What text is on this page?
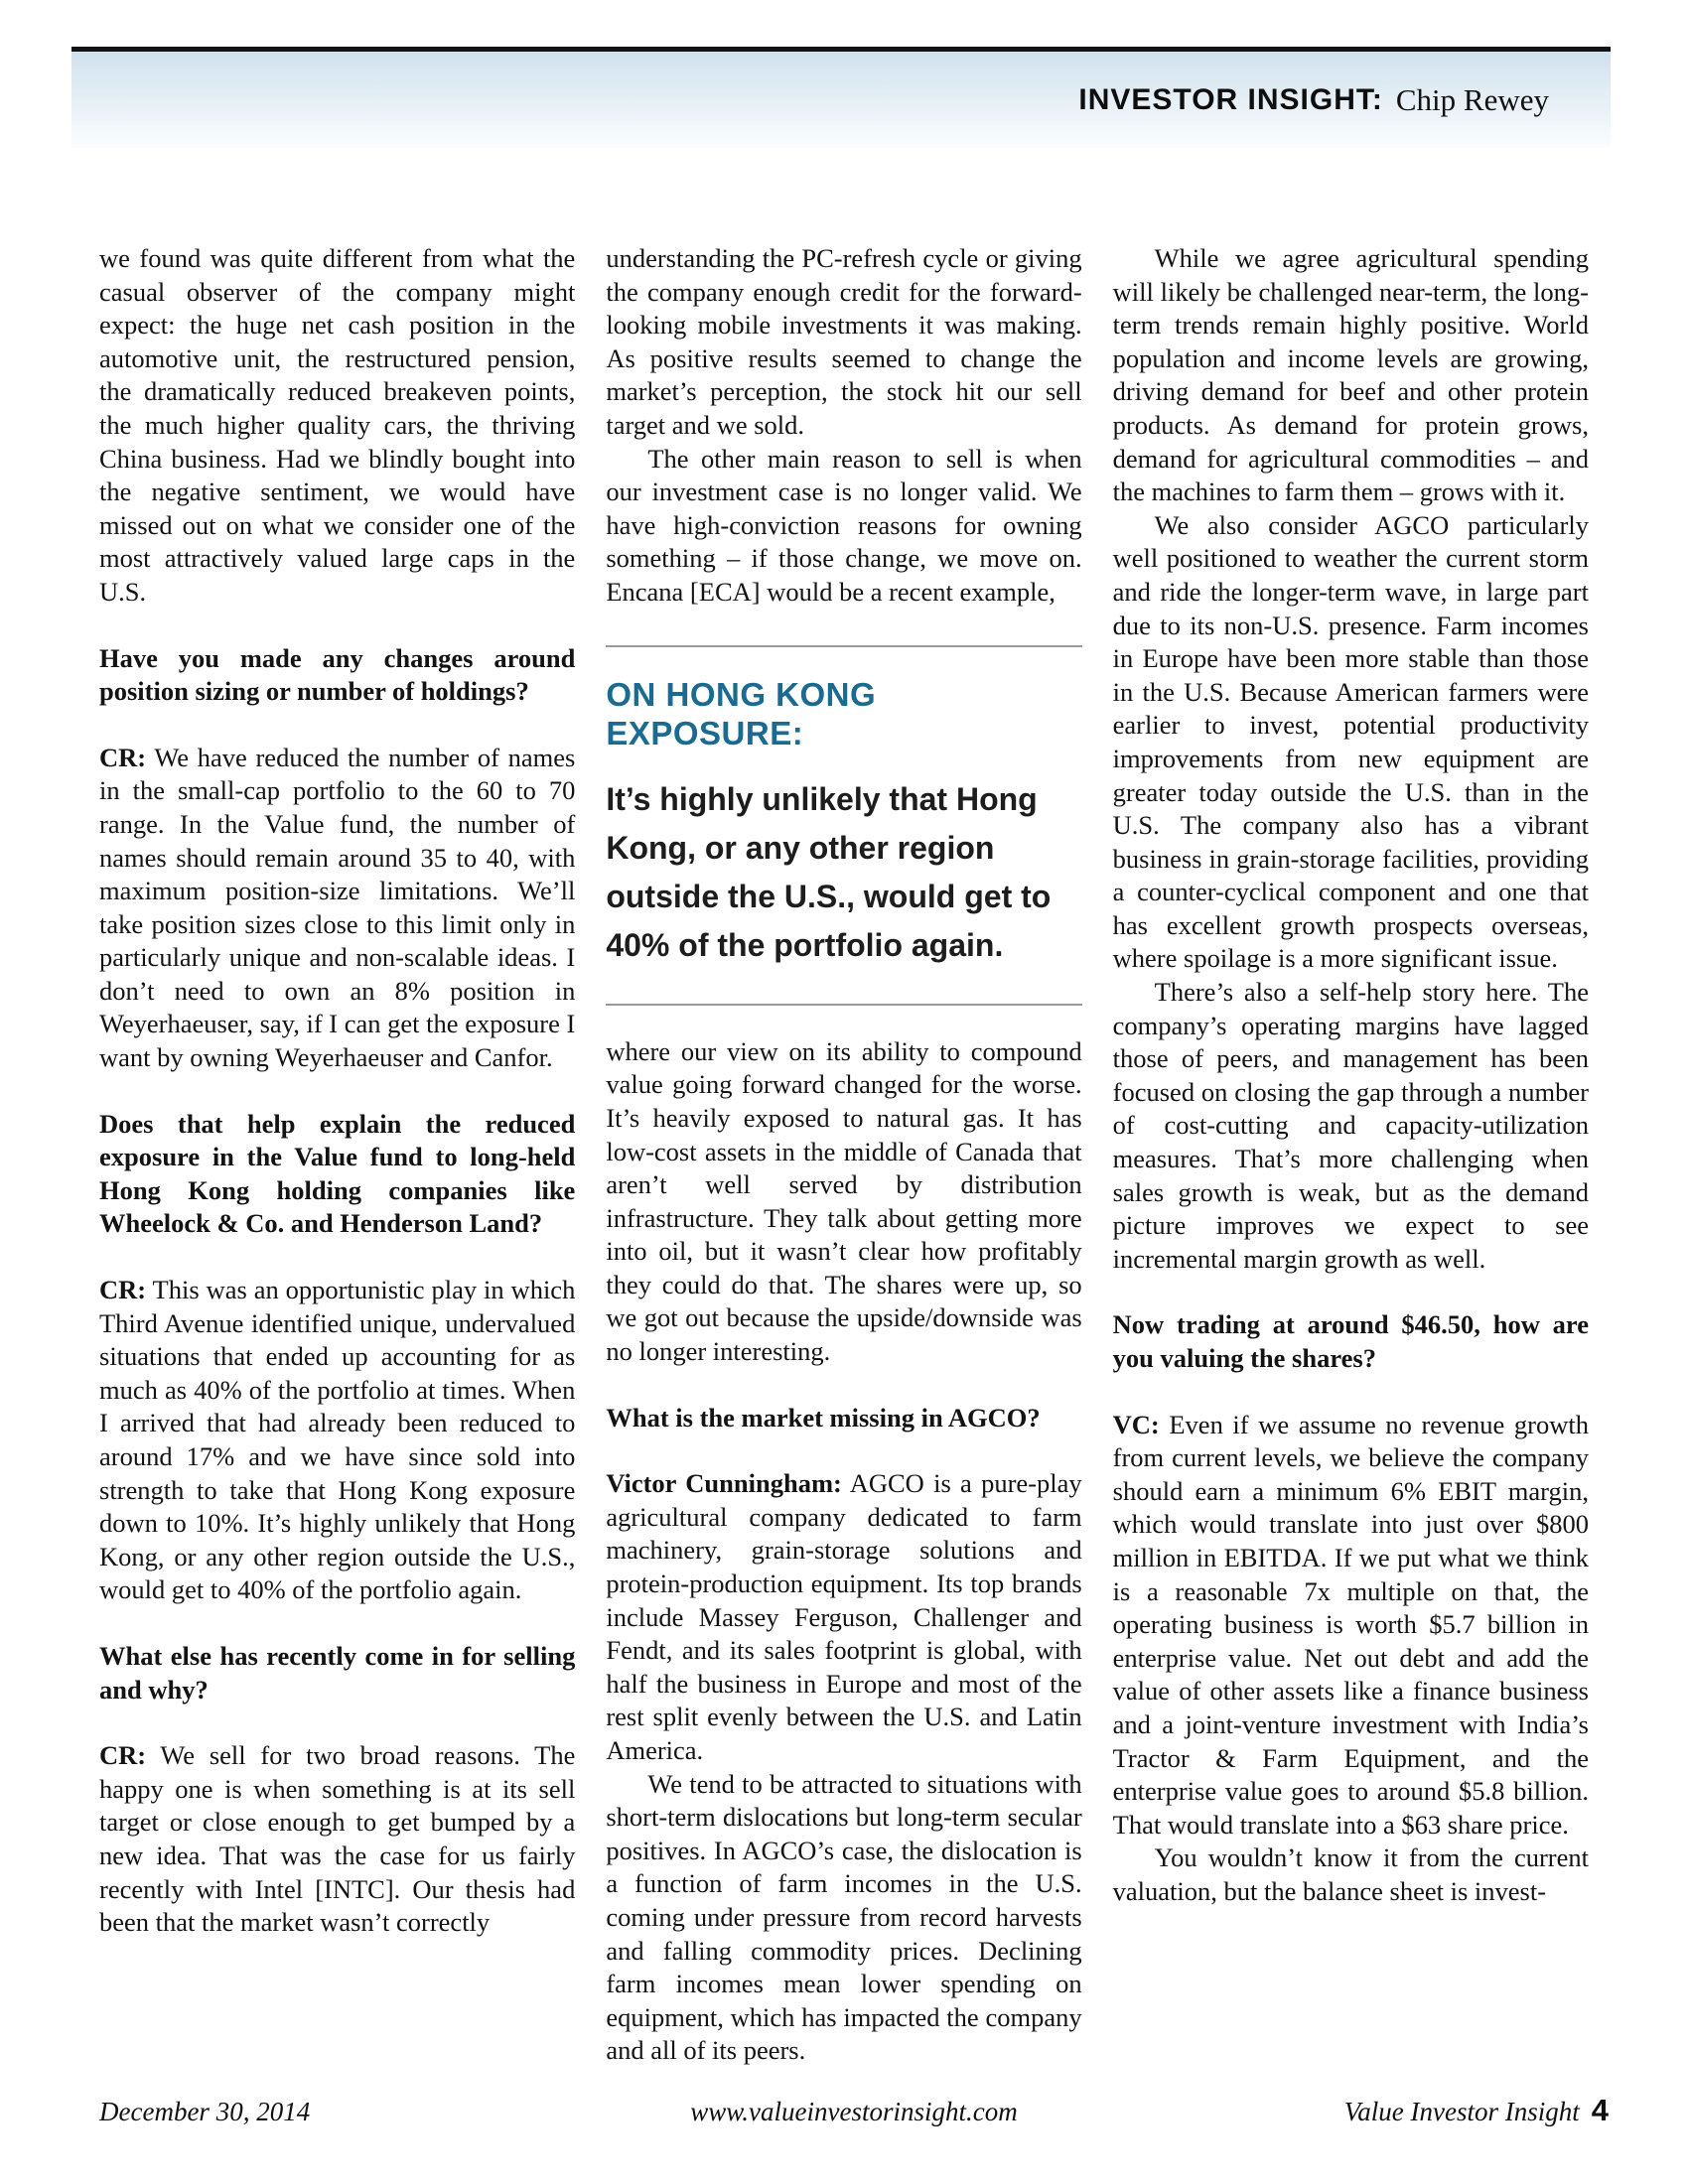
INVESTOR INSIGHT: Chip Rewey

we found was quite different from what the casual observer of the company might expect: the huge net cash position in the automotive unit, the restructured pension, the dramatically reduced breakeven points, the much higher quality cars, the thriving China business. Had we blindly bought into the negative sentiment, we would have missed out on what we consider one of the most attractively valued large caps in the U.S.

Have you made any changes around position sizing or number of holdings?

CR: We have reduced the number of names in the small-cap portfolio to the 60 to 70 range. In the Value fund, the number of names should remain around 35 to 40, with maximum position-size limitations. We’ll take position sizes close to this limit only in particularly unique and non-scalable ideas. I don’t need to own an 8% position in Weyerhaeuser, say, if I can get the exposure I want by owning Weyerhaeuser and Canfor.

Does that help explain the reduced exposure in the Value fund to long-held Hong Kong holding companies like Wheelock & Co. and Henderson Land?

CR: This was an opportunistic play in which Third Avenue identified unique, undervalued situations that ended up accounting for as much as 40% of the portfolio at times. When I arrived that had already been reduced to around 17% and we have since sold into strength to take that Hong Kong exposure down to 10%. It’s highly unlikely that Hong Kong, or any other region outside the U.S., would get to 40% of the portfolio again.

What else has recently come in for selling and why?

CR: We sell for two broad reasons. The happy one is when something is at its sell target or close enough to get bumped by a new idea. That was the case for us fairly recently with Intel [INTC]. Our thesis had been that the market wasn’t correctly

understanding the PC-refresh cycle or giving the company enough credit for the forward-looking mobile investments it was making. As positive results seemed to change the market’s perception, the stock hit our sell target and we sold.

The other main reason to sell is when our investment case is no longer valid. We have high-conviction reasons for owning something – if those change, we move on. Encana [ECA] would be a recent example,

ON HONG KONG EXPOSURE:
It’s highly unlikely that Hong Kong, or any other region outside the U.S., would get to 40% of the portfolio again.

where our view on its ability to compound value going forward changed for the worse. It’s heavily exposed to natural gas. It has low-cost assets in the middle of Canada that aren’t well served by distribution infrastructure. They talk about getting more into oil, but it wasn’t clear how profitably they could do that. The shares were up, so we got out because the upside/downside was no longer interesting.

What is the market missing in AGCO?

Victor Cunningham: AGCO is a pure-play agricultural company dedicated to farm machinery, grain-storage solutions and protein-production equipment. Its top brands include Massey Ferguson, Challenger and Fendt, and its sales footprint is global, with half the business in Europe and most of the rest split evenly between the U.S. and Latin America.

We tend to be attracted to situations with short-term dislocations but long-term secular positives. In AGCO’s case, the dislocation is a function of farm incomes in the U.S. coming under pressure from record harvests and falling commodity prices. Declining farm incomes mean lower spending on equipment, which has impacted the company and all of its peers.

While we agree agricultural spending will likely be challenged near-term, the long-term trends remain highly positive. World population and income levels are growing, driving demand for beef and other protein products. As demand for protein grows, demand for agricultural commodities – and the machines to farm them – grows with it.

We also consider AGCO particularly well positioned to weather the current storm and ride the longer-term wave, in large part due to its non-U.S. presence. Farm incomes in Europe have been more stable than those in the U.S. Because American farmers were earlier to invest, potential productivity improvements from new equipment are greater today outside the U.S. than in the U.S. The company also has a vibrant business in grain-storage facilities, providing a counter-cyclical component and one that has excellent growth prospects overseas, where spoilage is a more significant issue.

There’s also a self-help story here. The company’s operating margins have lagged those of peers, and management has been focused on closing the gap through a number of cost-cutting and capacity-utilization measures. That’s more challenging when sales growth is weak, but as the demand picture improves we expect to see incremental margin growth as well.

Now trading at around $46.50, how are you valuing the shares?

VC: Even if we assume no revenue growth from current levels, we believe the company should earn a minimum 6% EBIT margin, which would translate into just over $800 million in EBITDA. If we put what we think is a reasonable 7x multiple on that, the operating business is worth $5.7 billion in enterprise value. Net out debt and add the value of other assets like a finance business and a joint-venture investment with India’s Tractor & Farm Equipment, and the enterprise value goes to around $5.8 billion. That would translate into a $63 share price.

You wouldn’t know it from the current valuation, but the balance sheet is invest-

December 30, 2014	www.valueinvestorinsight.com	Value Investor Insight 4
